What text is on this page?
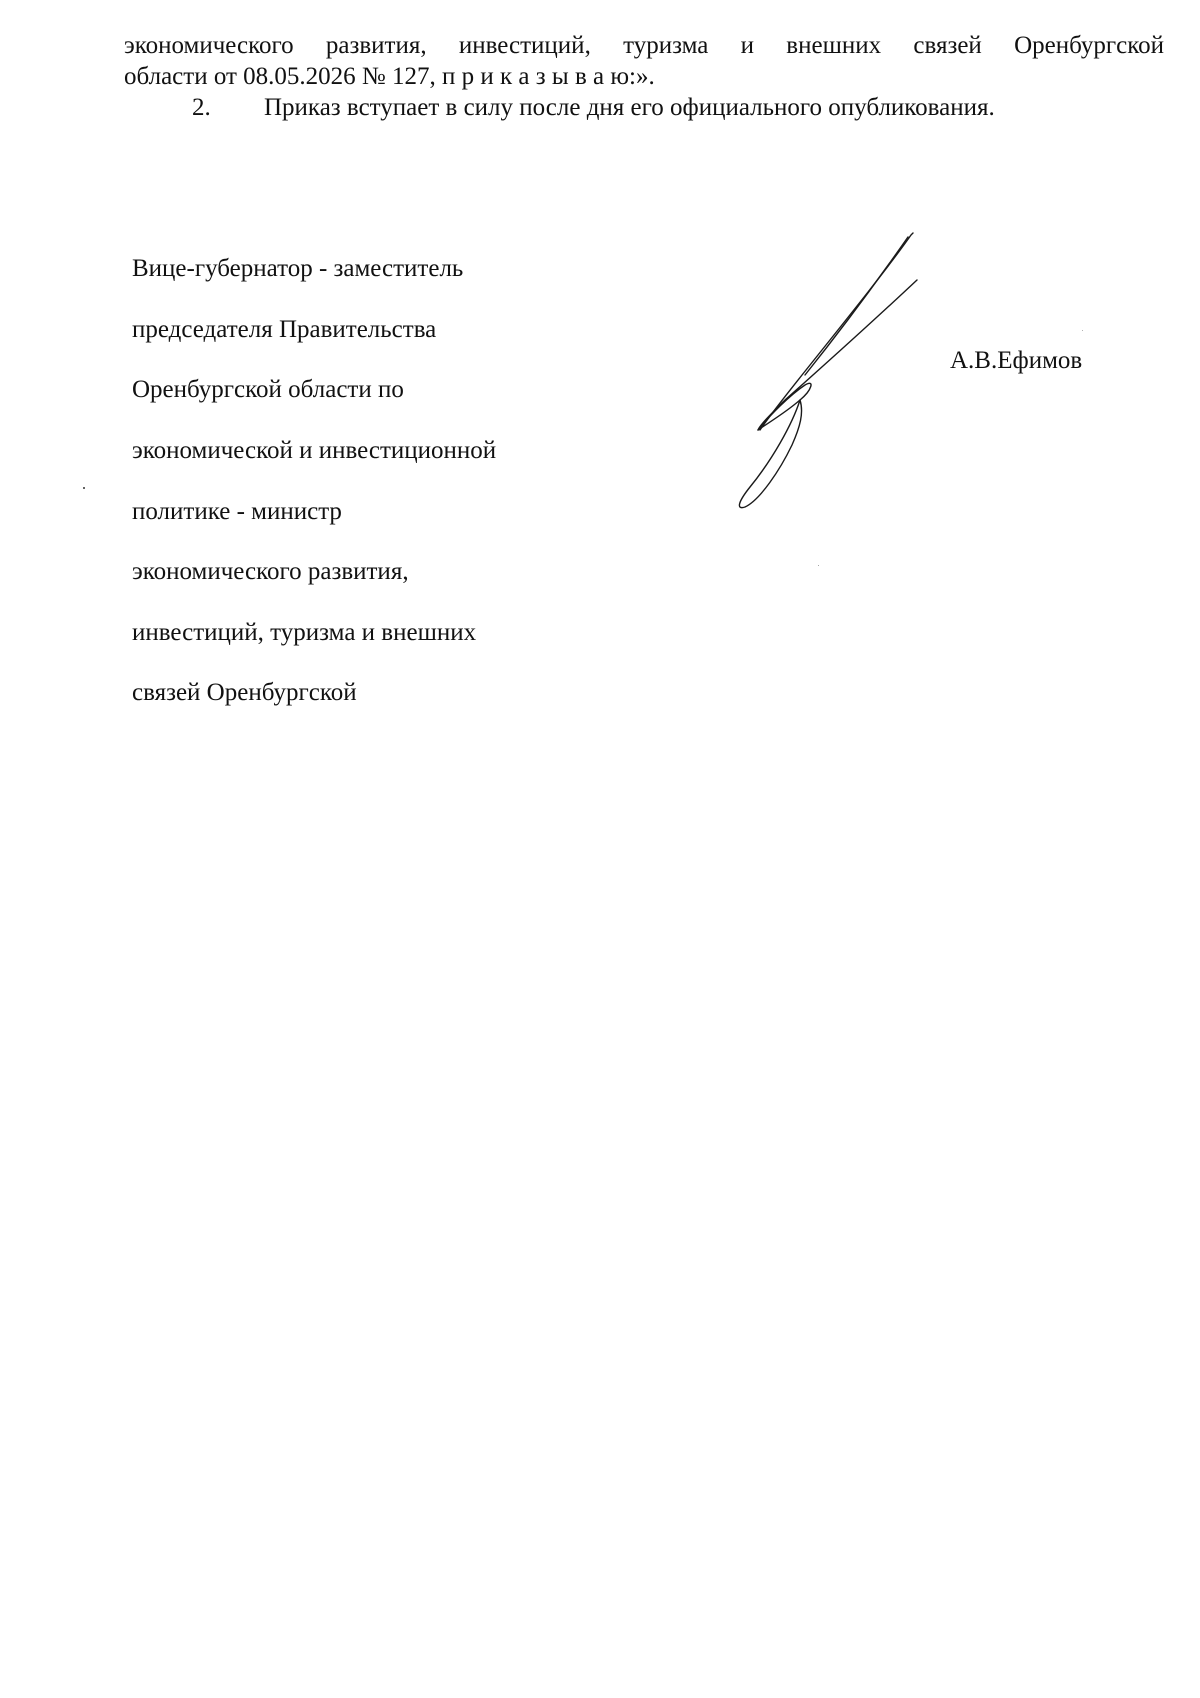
экономического развития, инвестиций, туризма и внешних связей Оренбургской
области от 08.05.2026 № 127, п р и к а з ы в а ю:».
2.	Приказ вступает в силу после дня его официального опубликования.

Вице-губернатор - заместитель

председателя Правительства

Оренбургской области по

экономической и инвестиционной

политике - министр

экономического развития,

инвестиций, туризма и внешних

связей Оренбургской

А.В.Ефимов
